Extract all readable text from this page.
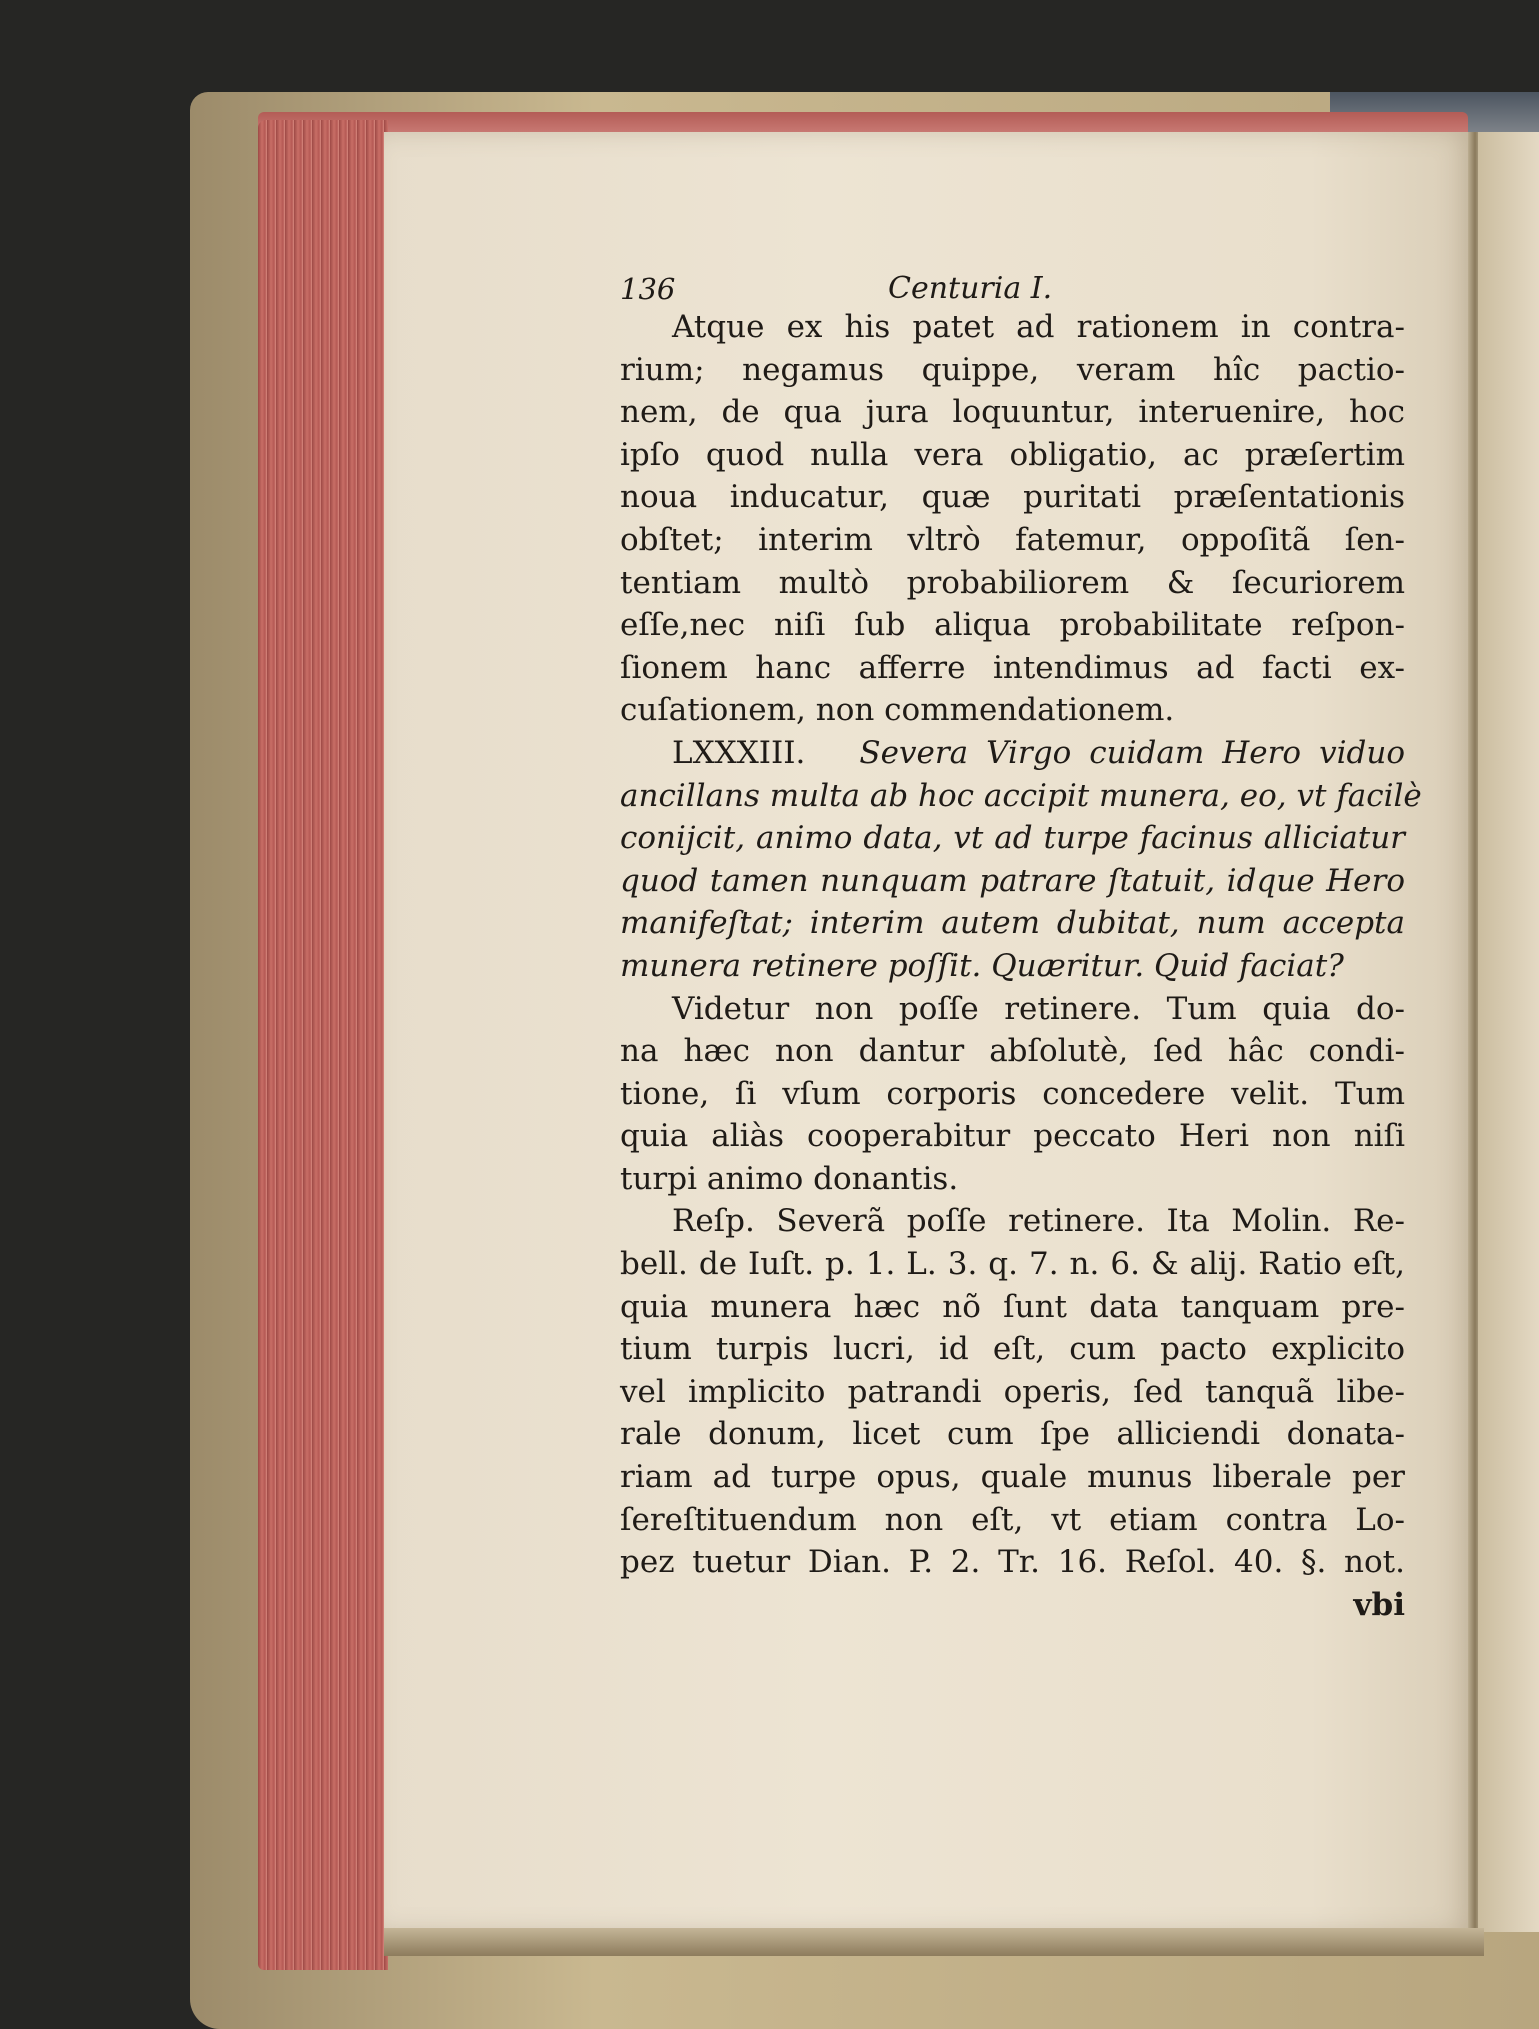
136	Centuria I.
Atque ex his patet ad rationem in contra-
rium; negamus quippe, veram hîc pactio-
nem, de qua jura loquuntur, interuenire, hoc
ipſo quod nulla vera obligatio, ac præſertim
noua inducatur, quæ puritati præſentationis
obſtet; interim vltrò fatemur, oppoſitã ſen-
tentiam multò probabiliorem & ſecuriorem
eſſe,nec niſi ſub aliqua probabilitate reſpon-
ſionem hanc afferre intendimus ad facti ex-
cuſationem, non commendationem.
LXXXIII. Severa Virgo cuidam Hero viduo
ancillans multa ab hoc accipit munera, eo, vt facilè
conijcit, animo data, vt ad turpe facinus alliciatur
quod tamen nunquam patrare ſtatuit, idque Hero
manifeſtat; interim autem dubitat, num accepta
munera retinere poſſit. Quæritur. Quid faciat?
Videtur non poſſe retinere. Tum quia do-
na hæc non dantur abſolutè, ſed hâc condi-
tione, ſi vſum corporis concedere velit. Tum
quia aliàs cooperabitur peccato Heri non niſi
turpi animo donantis.
Reſp. Severã poſſe retinere. Ita Molin. Re-
bell. de Iuſt. p. 1. L. 3. q. 7. n. 6. & alij. Ratio eſt,
quia munera hæc nõ ſunt data tanquam pre-
tium turpis lucri, id eſt, cum pacto explicito
vel implicito patrandi operis, ſed tanquã libe-
rale donum, licet cum ſpe alliciendi donata-
riam ad turpe opus, quale munus liberale per
ſereſtituendum non eſt, vt etiam contra Lo-
pez tuetur Dian. P. 2. Tr. 16. Reſol. 40. §. not.
vbi
